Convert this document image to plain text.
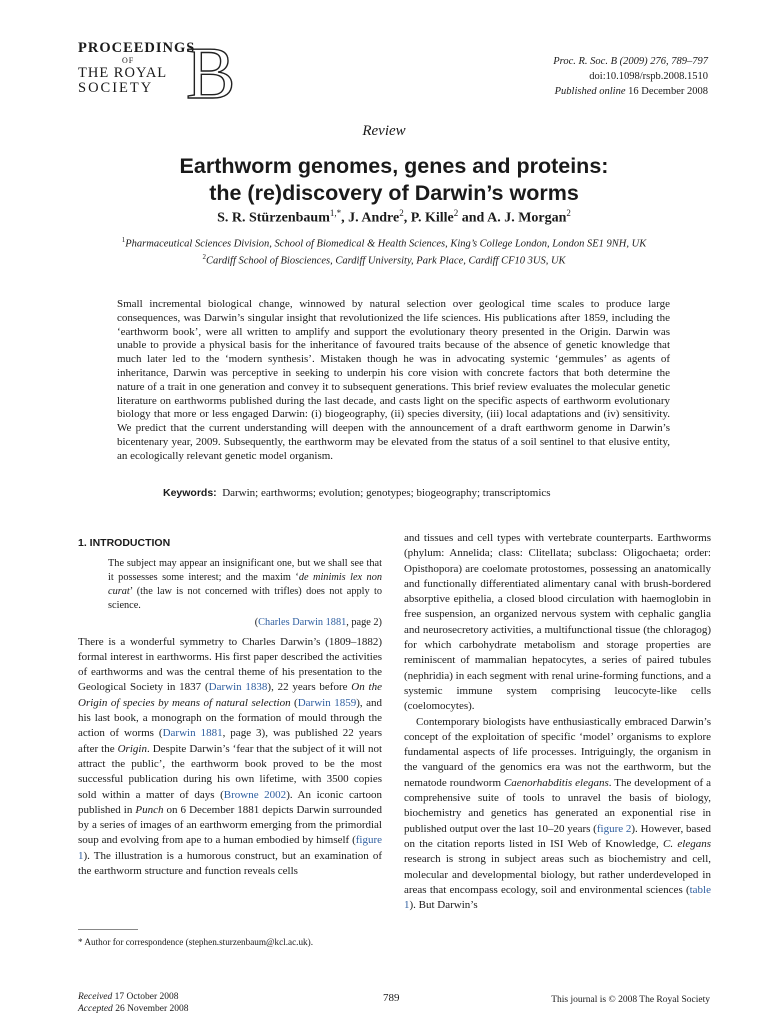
PROCEEDINGS
OF
THE ROYAL
SOCIETY B	Proc. R. Soc. B (2009) 276, 789–797
doi:10.1098/rspb.2008.1510
Published online 16 December 2008
Review
Earthworm genomes, genes and proteins:
the (re)discovery of Darwin’s worms
S. R. Stürzenbaum$^{1,*}$, J. Andre$^2$, P. Kille$^2$ and A. J. Morgan$^2$
$^1$Pharmaceutical Sciences Division, School of Biomedical & Health Sciences, King’s College London, London SE1 9NH, UK
$^2$Cardiff School of Biosciences, Cardiff University, Park Place, Cardiff CF10 3US, UK
Small incremental biological change, winnowed by natural selection over geological time scales to produce large consequences, was Darwin’s singular insight that revolutionized the life sciences. His publications after 1859, including the ‘earthworm book’, were all written to amplify and support the evolutionary theory presented in the Origin. Darwin was unable to provide a physical basis for the inheritance of favoured traits because of the absence of genetic knowledge that much later led to the ‘modern synthesis’. Mistaken though he was in advocating systemic ‘gemmules’ as agents of inheritance, Darwin was perceptive in seeking to underpin his core vision with concrete factors that both determine the nature of a trait in one generation and convey it to subsequent generations. This brief review evaluates the molecular genetic literature on earthworms published during the last decade, and casts light on the specific aspects of earthworm evolutionary biology that more or less engaged Darwin: (i) biogeography, (ii) species diversity, (iii) local adaptations and (iv) sensitivity. We predict that the current understanding will deepen with the announcement of a draft earthworm genome in Darwin’s bicentenary year, 2009. Subsequently, the earthworm may be elevated from the status of a soil sentinel to that elusive entity, an ecologically relevant genetic model organism.
Keywords: Darwin; earthworms; evolution; genotypes; biogeography; transcriptomics
1. INTRODUCTION
The subject may appear an insignificant one, but we shall see that it possesses some interest; and the maxim ‘de minimis lex non curat’ (the law is not concerned with trifles) does not apply to science.
(Charles Darwin 1881, page 2)

There is a wonderful symmetry to Charles Darwin’s (1809–1882) formal interest in earthworms. His first paper described the activities of earthworms and was the central theme of his presentation to the Geological Society in 1837 (Darwin 1838), 22 years before On the Origin of species by means of natural selection (Darwin 1859), and his last book, a monograph on the formation of mould through the action of worms (Darwin 1881, page 3), was published 22 years after the Origin. Despite Darwin’s ‘fear that the subject of it will not attract the public’, the earthworm book proved to be the most successful publication during his own lifetime, with 3500 copies sold within a matter of days (Browne 2002). An iconic cartoon published in Punch on 6 December 1881 depicts Darwin surrounded by a series of images of an earthworm emerging from the primordial soup and evolving from ape to a human embodied by himself (figure 1). The illustration is a humorous construct, but an examination of the earthworm structure and function reveals cells

and tissues and cell types with vertebrate counterparts. Earthworms (phylum: Annelida; class: Clitellata; subclass: Oligochaeta; order: Opisthopora) are coelomate protostomes, possessing an anatomically and functionally differentiated alimentary canal with brush-bordered absorptive epithelia, a closed blood circulation with haemoglobin in free suspension, an organized nervous system with cephalic ganglia and neurosecretory activities, a multifunctional tissue (the chloragog) for which carbohydrate metabolism and storage properties are reminiscent of mammalian hepatocytes, a series of paired tubules (nephridia) in each segment with renal urine-forming functions, and a systemic immune system comprising leucocyte-like cells (coelomocytes).

Contemporary biologists have enthusiastically embraced Darwin’s concept of the exploitation of specific ‘model’ organisms to explore fundamental aspects of life processes. Intriguingly, the organism in the vanguard of the genomics era was not the earthworm, but the nematode roundworm Caenorhabditis elegans. The development of a comprehensive suite of tools to unravel the basis of biology, biochemistry and genetics has generated an exponential rise in published output over the last 10–20 years (figure 2). However, based on the citation reports listed in ISI Web of Knowledge, C. elegans research is strong in subject areas such as biochemistry and cell, molecular and developmental biology, but rather underdeveloped in areas that encompass ecology, soil and environmental sciences (table 1). But Darwin’s

* Author for correspondence (stephen.sturzenbaum@kcl.ac.uk).
Received 17 October 2008
Accepted 26 November 2008
789	This journal is © 2008 The Royal Society
